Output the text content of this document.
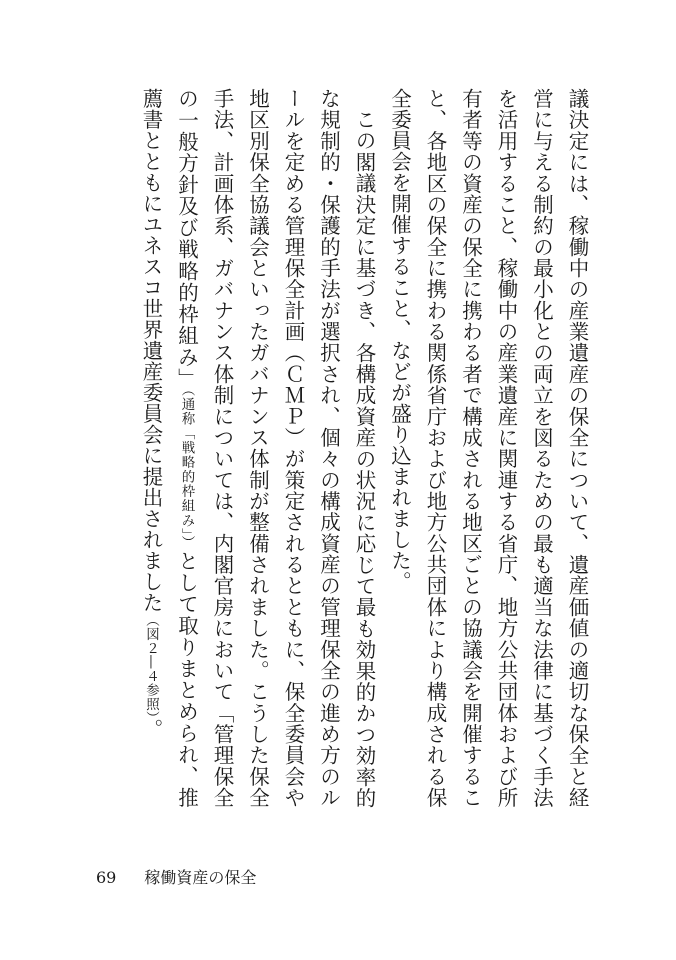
議決定には、稼働中の産業遺産の保全について、遺産価値の適切な保全と経営に与える制約の最小化との両立を図るための最も適当な法律に基づく手法を活用すること、稼働中の産業遺産に関連する省庁、地方公共団体および所有者等の資産の保全に携わる者で構成される地区ごとの協議会を開催すること、各地区の保全に携わる関係省庁および地方公共団体により構成される保全委員会を開催すること、などが盛り込まれました。

この閣議決定に基づき、各構成資産の状況に応じて最も効果的かつ効率的な規制的・保護的手法が選択され、個々の構成資産の管理保全の進め方のルールを定める管理保全計画（ＣＭＰ）が策定されるとともに、保全委員会や地区別保全協議会といったガバナンス体制が整備されました。こうした保全手法、計画体系、ガバナンス体制については、内閣官房において「管理保全の一般方針及び戦略的枠組み」（通称「戦略的枠組み」）として取りまとめられ、推薦書とともにユネスコ世界遺産委員会に提出されました（図２―４参照）。

69 稼働資産の保全
